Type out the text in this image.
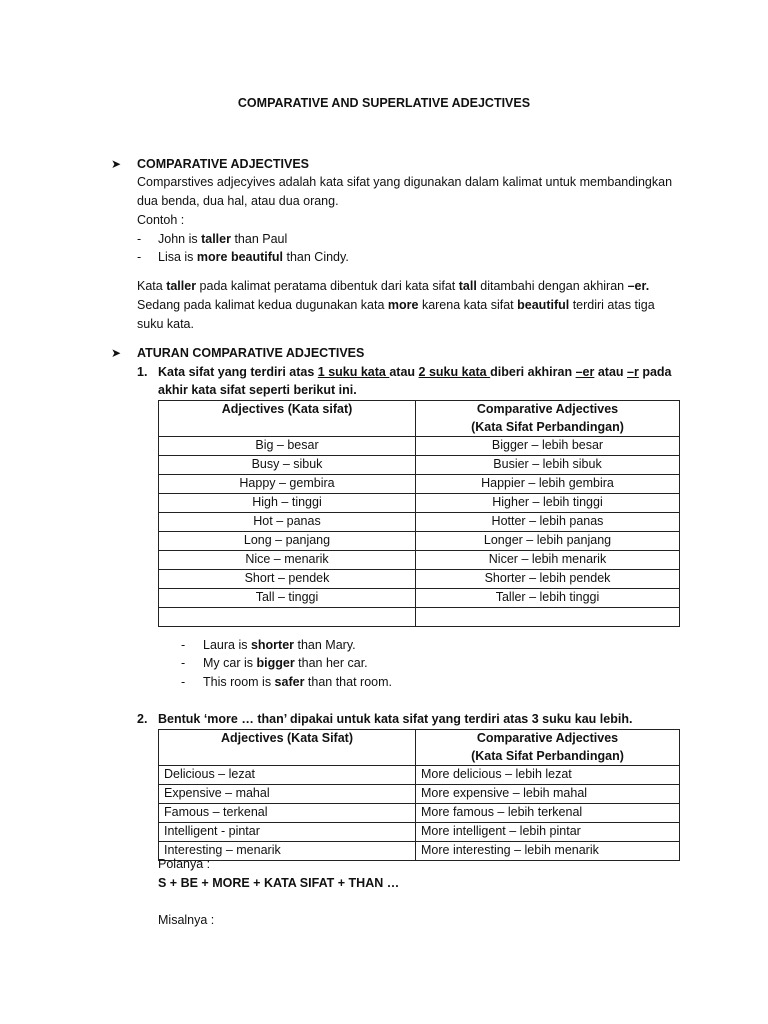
COMPARATIVE AND SUPERLATIVE ADEJCTIVES
➤ COMPARATIVE ADJECTIVES
Comparstives adjecyives adalah kata sifat yang digunakan dalam kalimat untuk membandingkan
dua benda, dua hal, atau dua orang.
Contoh :
- John is taller than Paul
- Lisa is more beautiful than Cindy.
Kata taller pada kalimat peratama dibentuk dari kata sifat tall ditambahi dengan akhiran –er.
Sedang pada kalimat kedua dugunakan kata more karena kata sifat beautiful terdiri atas tiga
suku kata.
➤ ATURAN COMPARATIVE ADJECTIVES
1. Kata sifat yang terdiri atas 1 suku kata atau 2 suku kata diberi akhiran –er atau –r pada
akhir kata sifat seperti berikut ini.
Adjectives (Kata sifat)	Comparative Adjectives
(Kata Sifat Perbandingan)

Big – besar	Bigger – lebih besar
Busy – sibuk	Busier – lebih sibuk
Happy – gembira	Happier – lebih gembira
High – tinggi	Higher – lebih tinggi
Hot – panas	Hotter – lebih panas
Long – panjang	Longer – lebih panjang
Nice – menarik	Nicer – lebih menarik
Short – pendek	Shorter – lebih pendek
Tall – tinggi	Taller – lebih tinggi

- Laura is shorter than Mary.
- My car is bigger than her car.
- This room is safer than that room.
2. Bentuk ‘more … than’ dipakai untuk kata sifat yang terdiri atas 3 suku kau lebih.
Adjectives (Kata Sifat)	Comparative Adjectives
(Kata Sifat Perbandingan)

Delicious – lezat	More delicious – lebih lezat
Expensive – mahal	More expensive – lebih mahal
Famous – terkenal	More famous – lebih terkenal
Intelligent - pintar	More intelligent – lebih pintar
Interesting – menarik	More interesting – lebih menarik
Polanya :
S + BE + MORE + KATA SIFAT + THAN …
Misalnya :
